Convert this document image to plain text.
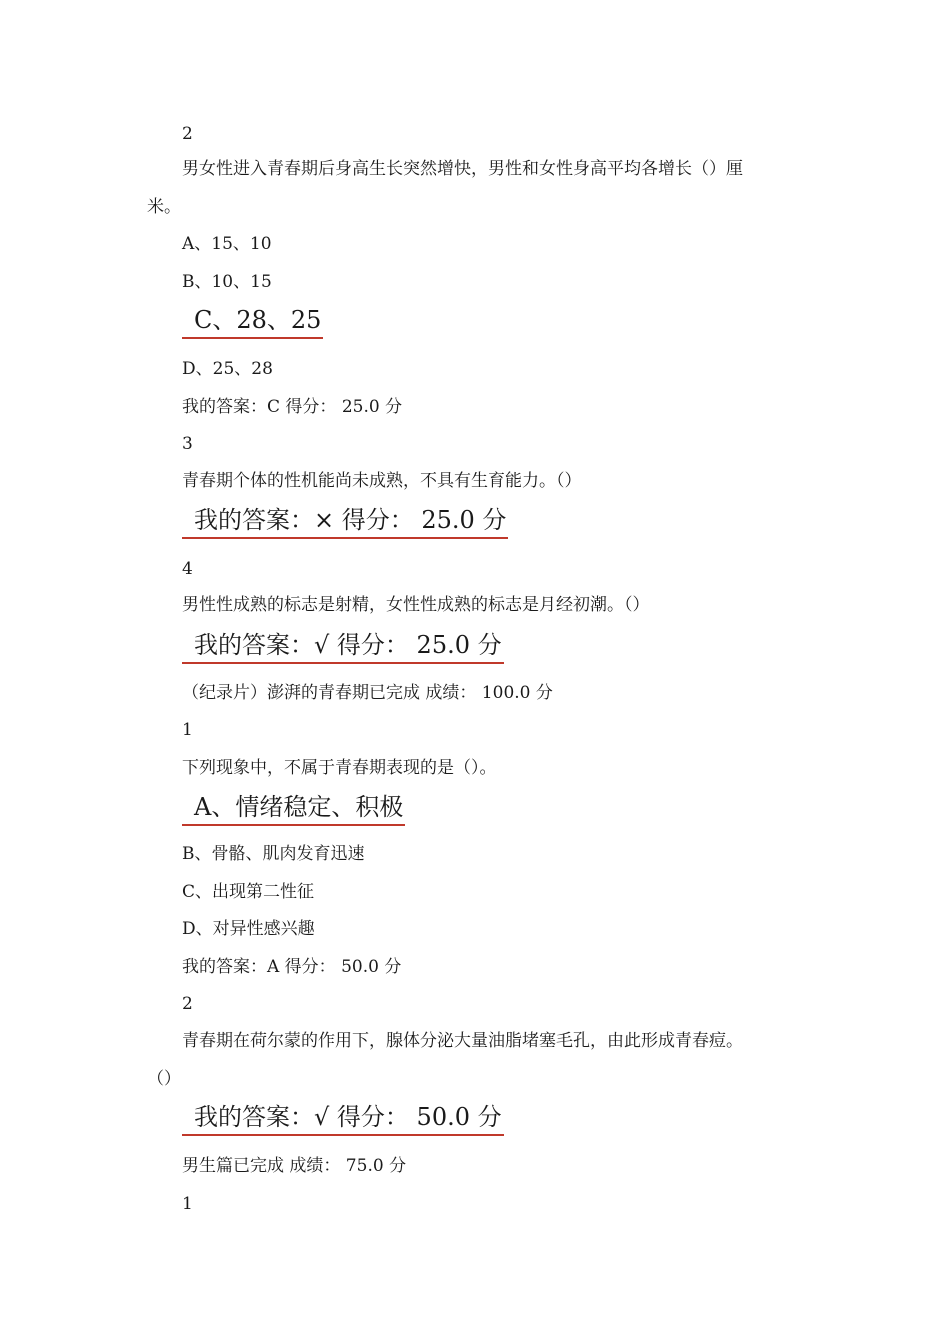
2
男女性进入青春期后身高生长突然增快，男性和女性身高平均各增长（）厘
米。
A、15、10
B、10、15
C、28、25
D、25、28
我的答案：C 得分： 25.0 分
3
青春期个体的性机能尚未成熟，不具有生育能力。（）
我的答案：× 得分： 25.0 分
4
男性性成熟的标志是射精，女性性成熟的标志是月经初潮。（）
我的答案：√ 得分： 25.0 分
（纪录片）澎湃的青春期已完成 成绩： 100.0 分
1
下列现象中，不属于青春期表现的是（）。
A、情绪稳定、积极
B、骨骼、肌肉发育迅速
C、出现第二性征
D、对异性感兴趣
我的答案：A 得分： 50.0 分
2
青春期在荷尔蒙的作用下，腺体分泌大量油脂堵塞毛孔，由此形成青春痘。
（）
我的答案：√ 得分： 50.0 分
男生篇已完成 成绩： 75.0 分
1
